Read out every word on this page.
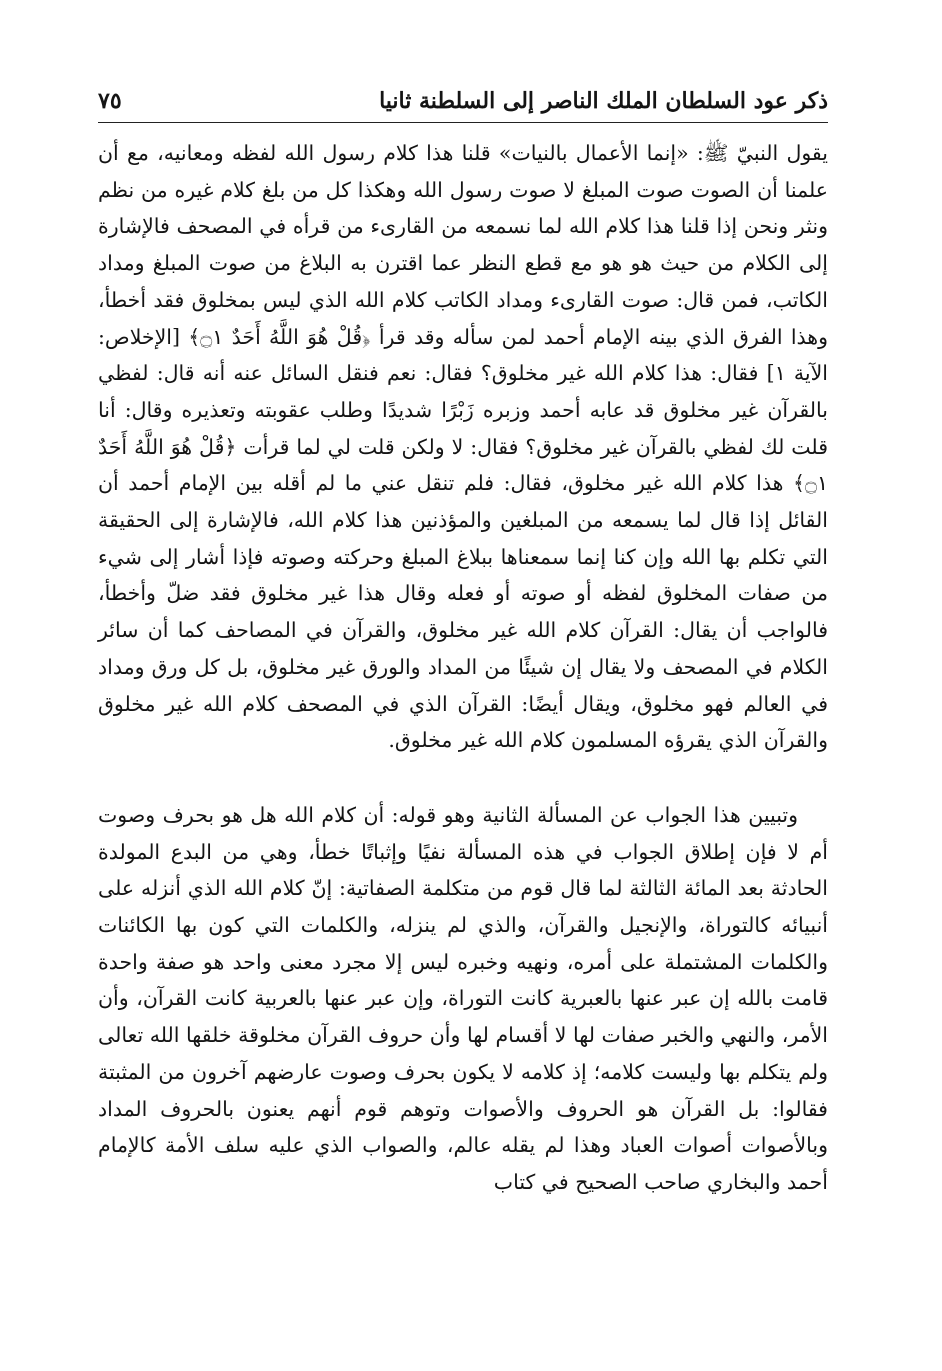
ذكر عود السلطان الملك الناصر إلى السلطنة ثانيا
٧٥

يقول النبيّ ﷺ: «إنما الأعمال بالنيات» قلنا هذا كلام رسول الله لفظه ومعانيه، مع أن علمنا أن الصوت صوت المبلغ لا صوت رسول الله وهكذا كل من بلغ كلام غيره من نظم ونثر ونحن إذا قلنا هذا كلام الله لما نسمعه من القارىء من قرأه في المصحف فالإشارة إلى الكلام من حيث هو هو مع قطع النظر عما اقترن به البلاغ من صوت المبلغ ومداد الكاتب، فمن قال: صوت القارىء ومداد الكاتب كلام الله الذي ليس بمخلوق فقد أخطأ، وهذا الفرق الذي بينه الإمام أحمد لمن سأله وقد قرأ ﴿قُلْ هُوَ اللَّهُ أَحَدٌ ۝١﴾ [الإخلاص: الآية ١] فقال: هذا كلام الله غير مخلوق؟ فقال: نعم فنقل السائل عنه أنه قال: لفظي بالقرآن غير مخلوق قد عابه أحمد وزبره زَبْرًا شديدًا وطلب عقوبته وتعذيره وقال: أنا قلت لك لفظي بالقرآن غير مخلوق؟ فقال: لا ولكن قلت لي لما قرأت ﴿قُلْ هُوَ اللَّهُ أَحَدٌ ۝١﴾ هذا كلام الله غير مخلوق، فقال: فلم تنقل عني ما لم أقله بين الإمام أحمد أن القائل إذا قال لما يسمعه من المبلغين والمؤذنين هذا كلام الله، فالإشارة إلى الحقيقة التي تكلم بها الله وإن كنا إنما سمعناها ببلاغ المبلغ وحركته وصوته فإذا أشار إلى شيء من صفات المخلوق لفظه أو صوته أو فعله وقال هذا غير مخلوق فقد ضلّ وأخطأ، فالواجب أن يقال: القرآن كلام الله غير مخلوق، والقرآن في المصاحف كما أن سائر الكلام في المصحف ولا يقال إن شيئًا من المداد والورق غير مخلوق، بل كل ورق ومداد في العالم فهو مخلوق، ويقال أيضًا: القرآن الذي في المصحف كلام الله غير مخلوق والقرآن الذي يقرؤه المسلمون كلام الله غير مخلوق.

وتبيين هذا الجواب عن المسألة الثانية وهو قوله: أن كلام الله هل هو بحرف وصوت أم لا فإن إطلاق الجواب في هذه المسألة نفيًا وإثباتًا خطأ، وهي من البدع المولدة الحادثة بعد المائة الثالثة لما قال قوم من متكلمة الصفاتية: إنّ كلام الله الذي أنزله على أنبيائه كالتوراة، والإنجيل والقرآن، والذي لم ينزله، والكلمات التي كون بها الكائنات والكلمات المشتملة على أمره، ونهيه وخبره ليس إلا مجرد معنى واحد هو صفة واحدة قامت بالله إن عبر عنها بالعبرية كانت التوراة، وإن عبر عنها بالعربية كانت القرآن، وأن الأمر، والنهي والخبر صفات لها لا أقسام لها وأن حروف القرآن مخلوقة خلقها الله تعالى ولم يتكلم بها وليست كلامه؛ إذ كلامه لا يكون بحرف وصوت عارضهم آخرون من المثبتة فقالوا: بل القرآن هو الحروف والأصوات وتوهم قوم أنهم يعنون بالحروف المداد وبالأصوات أصوات العباد وهذا لم يقله عالم، والصواب الذي عليه سلف الأمة كالإمام أحمد والبخاري صاحب الصحيح في كتاب
